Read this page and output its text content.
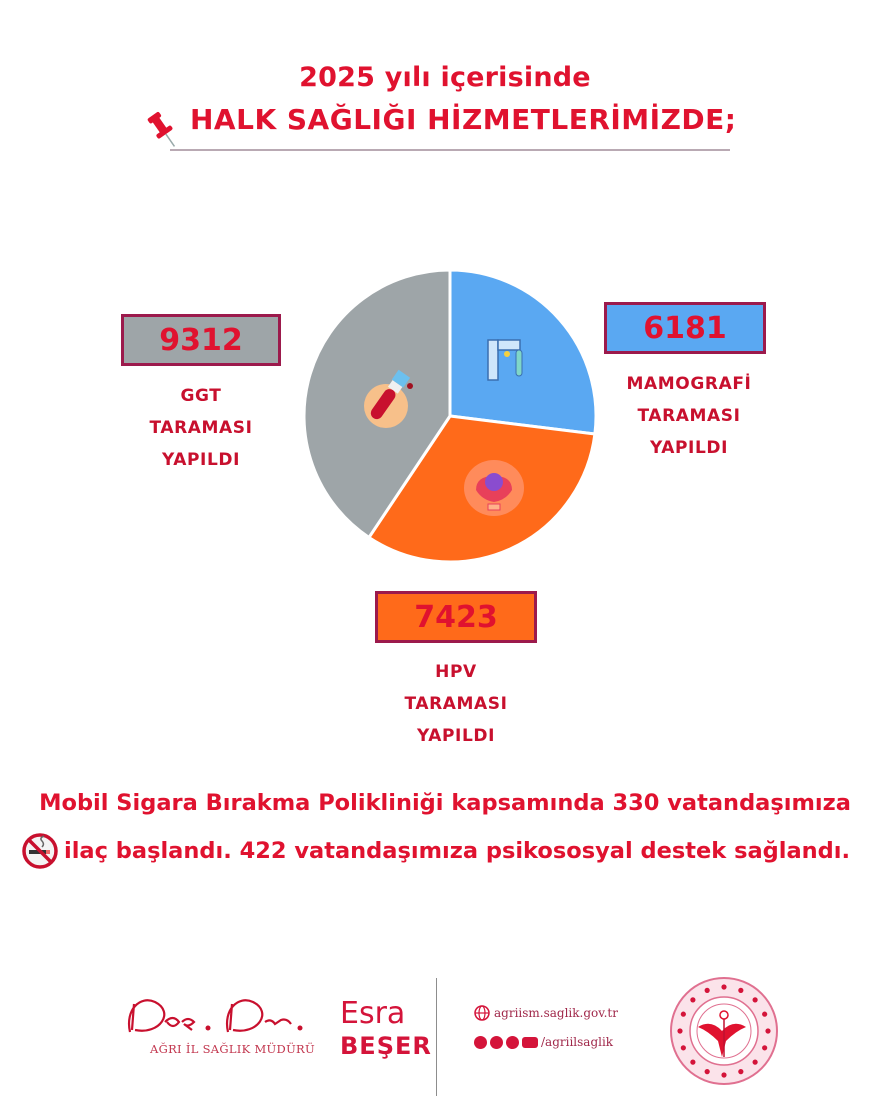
2025 yılı içerisinde
HALK SAĞLIĞI HİZMETLERİMİZDE;
9312
GGT
TARAMASI
YAPILDI
6181
MAMOGRAFİ
TARAMASI
YAPILDI
7423
HPV
TARAMASI
YAPILDI
Mobil Sigara Bırakma Polikliniği kapsamında 330 vatandaşımıza
ilaç başlandı. 422 vatandaşımıza psikososyal destek sağlandı.
Esra
BEŞER
AĞRI İL SAĞLIK MÜDÜRÜ
agriism.saglik.gov.tr
/agriilsaglik
